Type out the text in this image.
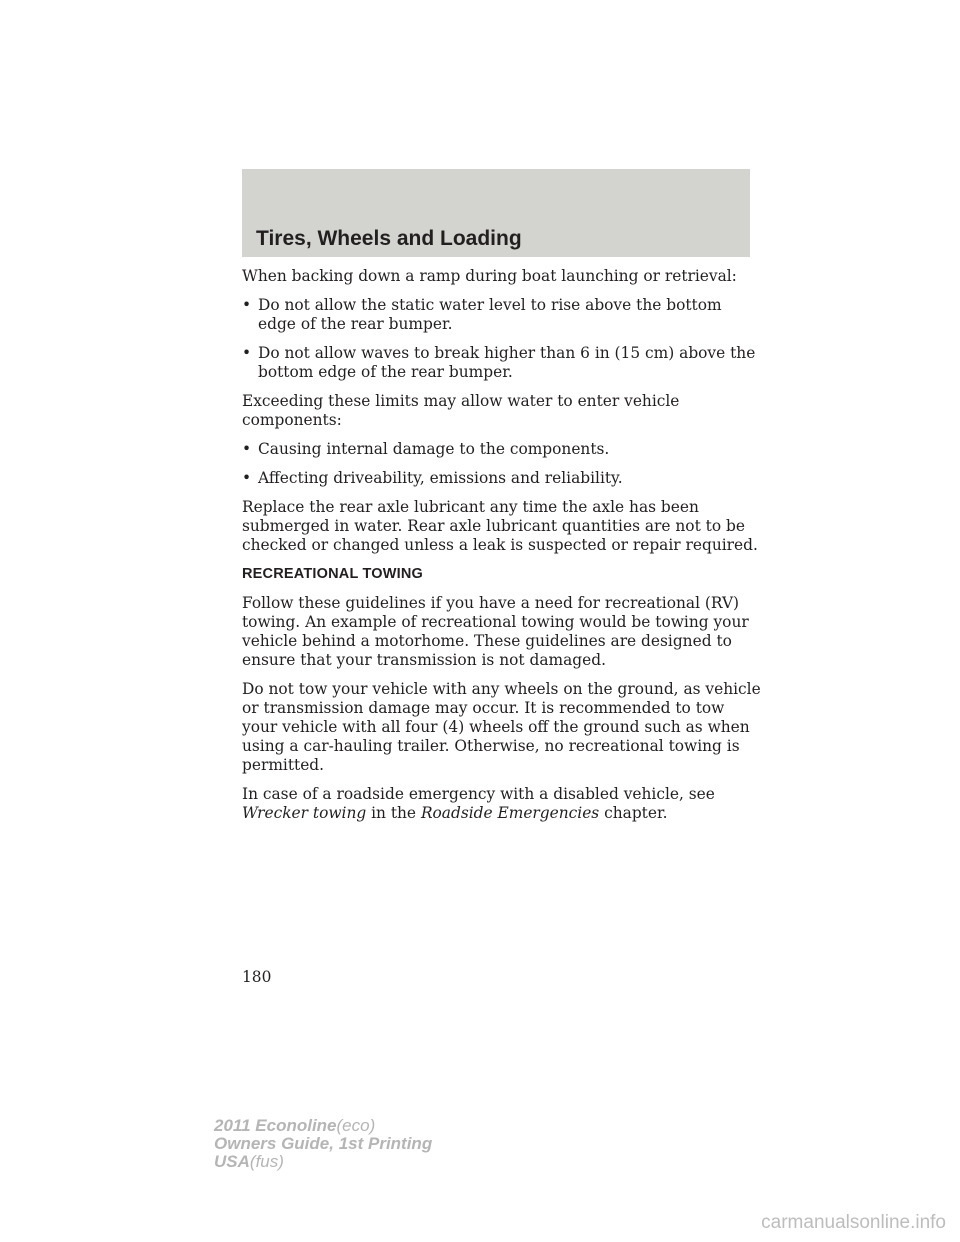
Tires, Wheels and Loading

When backing down a ramp during boat launching or retrieval:

• Do not allow the static water level to rise above the bottom edge of the rear bumper.
• Do not allow waves to break higher than 6 in (15 cm) above the bottom edge of the rear bumper.

Exceeding these limits may allow water to enter vehicle components:

• Causing internal damage to the components.
• Affecting driveability, emissions and reliability.

Replace the rear axle lubricant any time the axle has been submerged in water. Rear axle lubricant quantities are not to be checked or changed unless a leak is suspected or repair required.

RECREATIONAL TOWING

Follow these guidelines if you have a need for recreational (RV) towing. An example of recreational towing would be towing your vehicle behind a motorhome. These guidelines are designed to ensure that your transmission is not damaged.

Do not tow your vehicle with any wheels on the ground, as vehicle or transmission damage may occur. It is recommended to tow your vehicle with all four (4) wheels off the ground such as when using a car-hauling trailer. Otherwise, no recreational towing is permitted.

In case of a roadside emergency with a disabled vehicle, see Wrecker towing in the Roadside Emergencies chapter.

180
2011 Econoline(eco)
Owners Guide, 1st Printing
USA(fus)
carmanualsonline.info
